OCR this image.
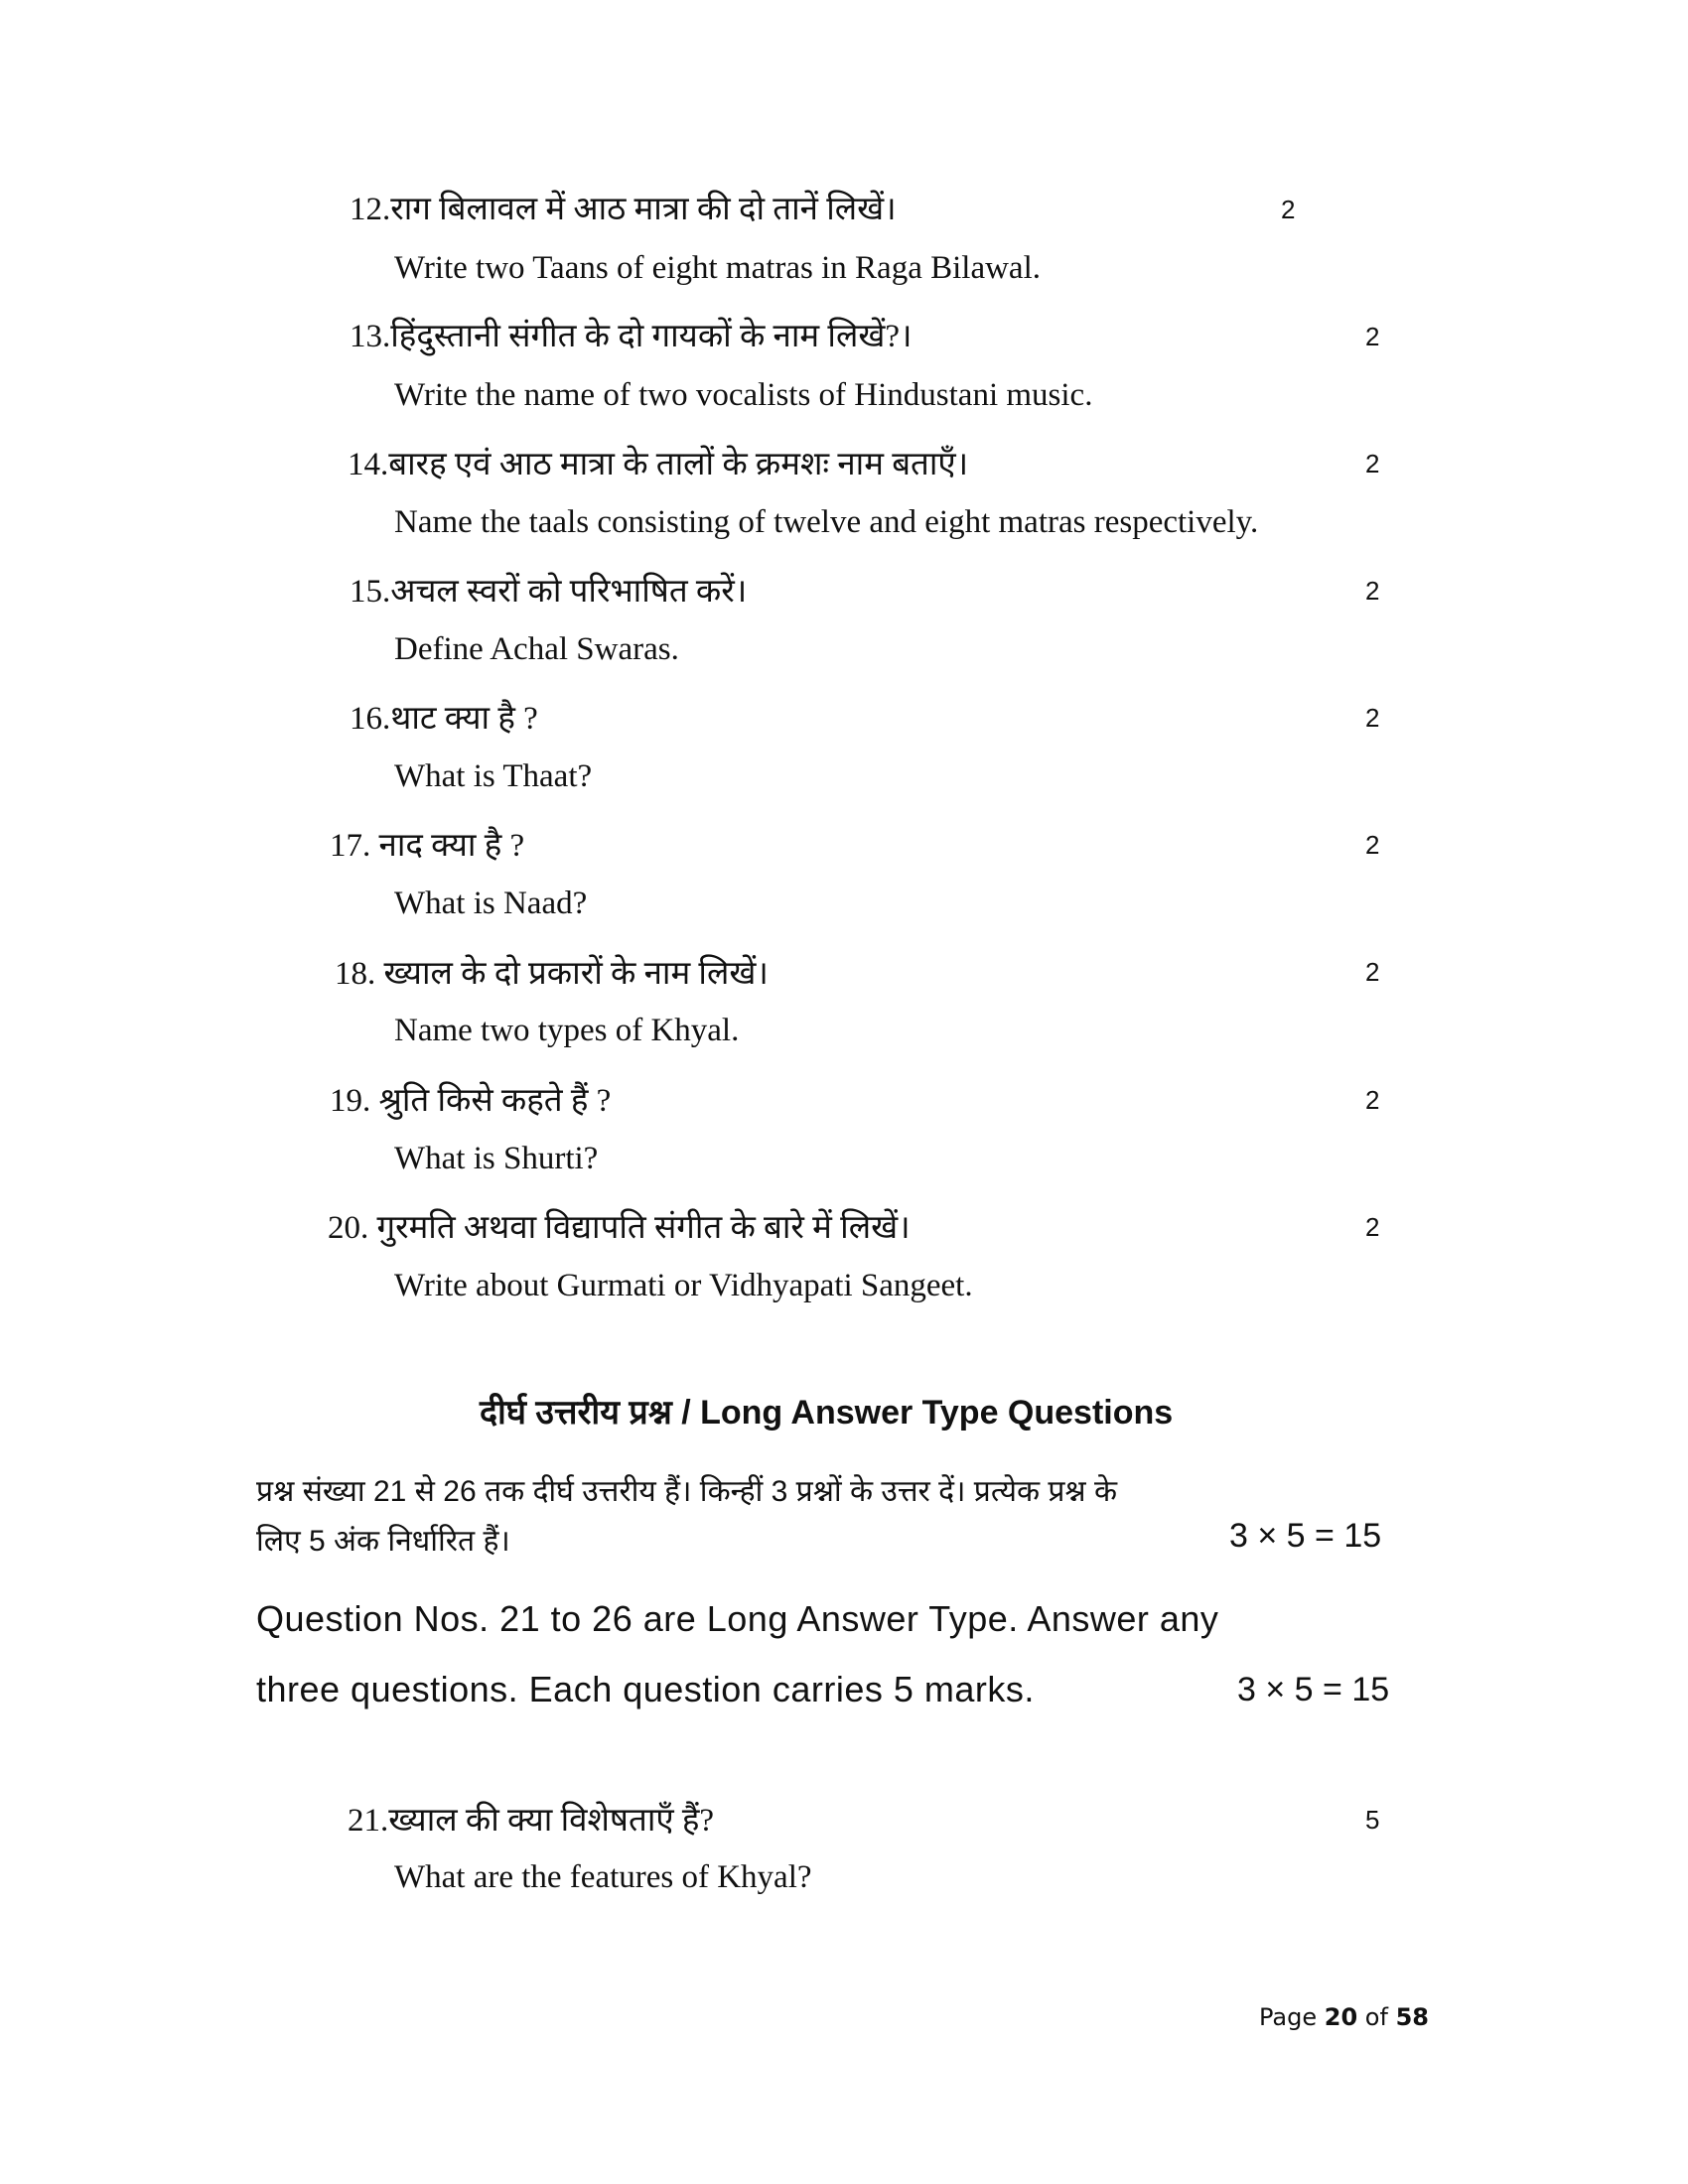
12.राग बिलावल में आठ मात्रा की दो तानें लिखें।	2
Write two Taans of eight matras in Raga Bilawal.
13.हिंदुस्तानी संगीत के दो गायकों के नाम लिखें?।	2
Write the name of two vocalists of Hindustani music.
14.बारह एवं आठ मात्रा के तालों के क्रमशः नाम बताएँ।	2
Name the taals consisting of twelve and eight matras respectively.
15.अचल स्वरों को परिभाषित करें।	2
Define Achal Swaras.
16.थाट क्या है ?	2
What is Thaat?
17. नाद क्या है ?	2
What is Naad?
18. ख्याल के दो प्रकारों के नाम लिखें।	2
Name two types of Khyal.
19. श्रुति किसे कहते हैं ?	2
What is Shurti?
20. गुरमति अथवा विद्यापति संगीत के बारे में लिखें।	2
Write about Gurmati or Vidhyapati Sangeet.
दीर्घ उत्तरीय प्रश्न / Long Answer Type Questions
प्रश्न संख्या 21 से 26 तक दीर्घ उत्तरीय हैं। किन्हीं 3 प्रश्नों के उत्तर दें। प्रत्येक प्रश्न के
लिए 5 अंक निर्धारित हैं।	3 × 5 = 15
Question Nos. 21 to 26 are Long Answer Type. Answer any
three questions. Each question carries 5 marks.	3 × 5 = 15
21.ख्याल की क्या विशेषताएँ हैं?	5
What are the features of Khyal?
Page 20 of 58
